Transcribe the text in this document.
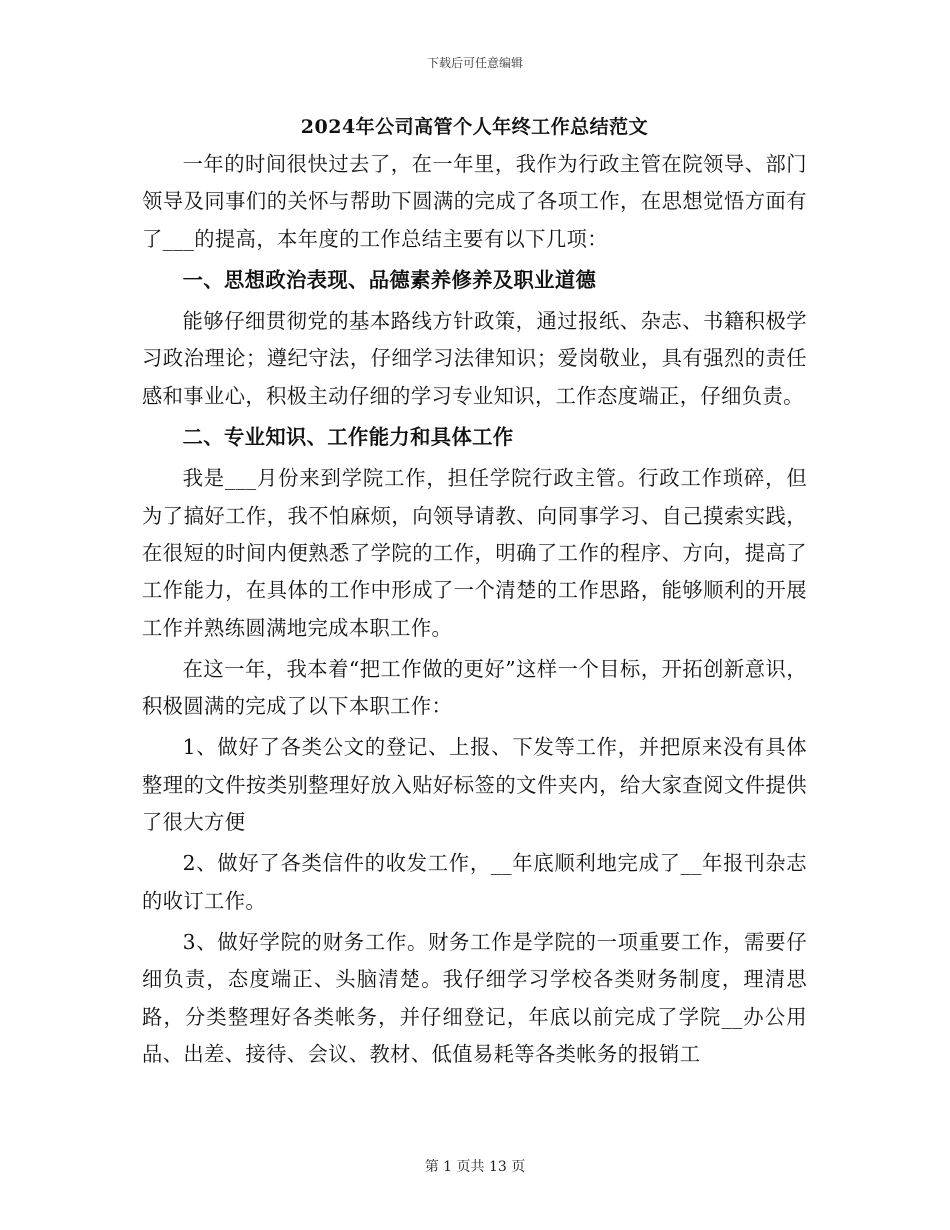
下载后可任意编辑
2024年公司高管个人年终工作总结范文

一年的时间很快过去了，在一年里，我作为行政主管在院领导、部门领导及同事们的关怀与帮助下圆满的完成了各项工作，在思想觉悟方面有了___的提高，本年度的工作总结主要有以下几项：

一、思想政治表现、品德素养修养及职业道德

能够仔细贯彻党的基本路线方针政策，通过报纸、杂志、书籍积极学习政治理论；遵纪守法，仔细学习法律知识；爱岗敬业，具有强烈的责任感和事业心，积极主动仔细的学习专业知识，工作态度端正，仔细负责。

二、专业知识、工作能力和具体工作

我是___月份来到学院工作，担任学院行政主管。行政工作琐碎，但为了搞好工作，我不怕麻烦，向领导请教、向同事学习、自己摸索实践，在很短的时间内便熟悉了学院的工作，明确了工作的程序、方向，提高了工作能力，在具体的工作中形成了一个清楚的工作思路，能够顺利的开展工作并熟练圆满地完成本职工作。

在这一年，我本着“把工作做的更好”这样一个目标，开拓创新意识，积极圆满的完成了以下本职工作：

1、做好了各类公文的登记、上报、下发等工作，并把原来没有具体整理的文件按类别整理好放入贴好标签的文件夹内，给大家查阅文件提供了很大方便

2、做好了各类信件的收发工作，__年底顺利地完成了__年报刊杂志的收订工作。

3、做好学院的财务工作。财务工作是学院的一项重要工作，需要仔细负责，态度端正、头脑清楚。我仔细学习学校各类财务制度，理清思路，分类整理好各类帐务，并仔细登记，年底以前完成了学院__办公用品、出差、接待、会议、教材、低值易耗等各类帐务的报销工

第 1 页共 13 页
